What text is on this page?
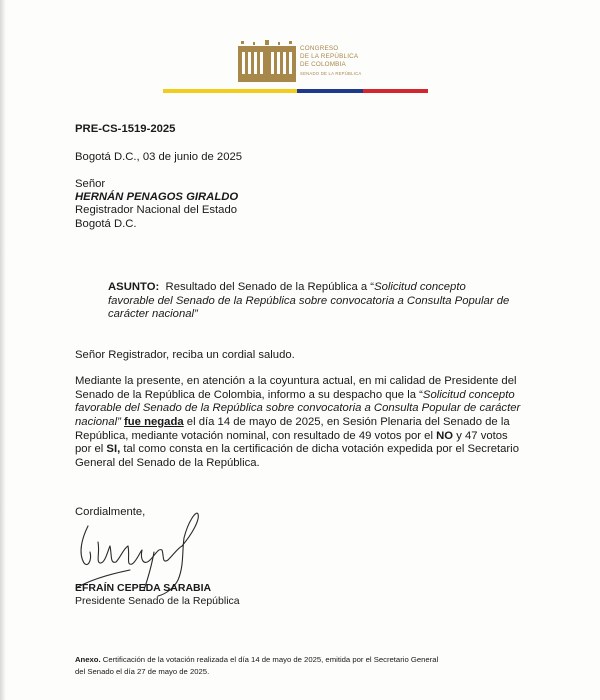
CONGRESO
DE LA REPÚBLICA
DE COLOMBIA
SENADO DE LA REPÚBLICA
PRE-CS-1519-2025
Bogotá D.C., 03 de junio de 2025
Señor
HERNÁN PENAGOS GIRALDO
Registrador Nacional del Estado
Bogotá D.C.
ASUNTO: Resultado del Senado de la República a “Solicitud concepto
favorable del Senado de la República sobre convocatoria a Consulta Popular de
carácter nacional”
Señor Registrador, reciba un cordial saludo.
Mediante la presente, en atención a la coyuntura actual, en mi calidad de Presidente del
Senado de la República de Colombia, informo a su despacho que la “Solicitud concepto
favorable del Senado de la República sobre convocatoria a Consulta Popular de carácter
nacional” fue negada el día 14 de mayo de 2025, en Sesión Plenaria del Senado de la
República, mediante votación nominal, con resultado de 49 votos por el NO y 47 votos
por el SI, tal como consta en la certificación de dicha votación expedida por el Secretario
General del Senado de la República.
Cordialmente,
EFRAÍN CEPEDA SARABIA
Presidente Senado de la República
Anexo. Certificación de la votación realizada el día 14 de mayo de 2025, emitida por el Secretario General
del Senado el día 27 de mayo de 2025.
